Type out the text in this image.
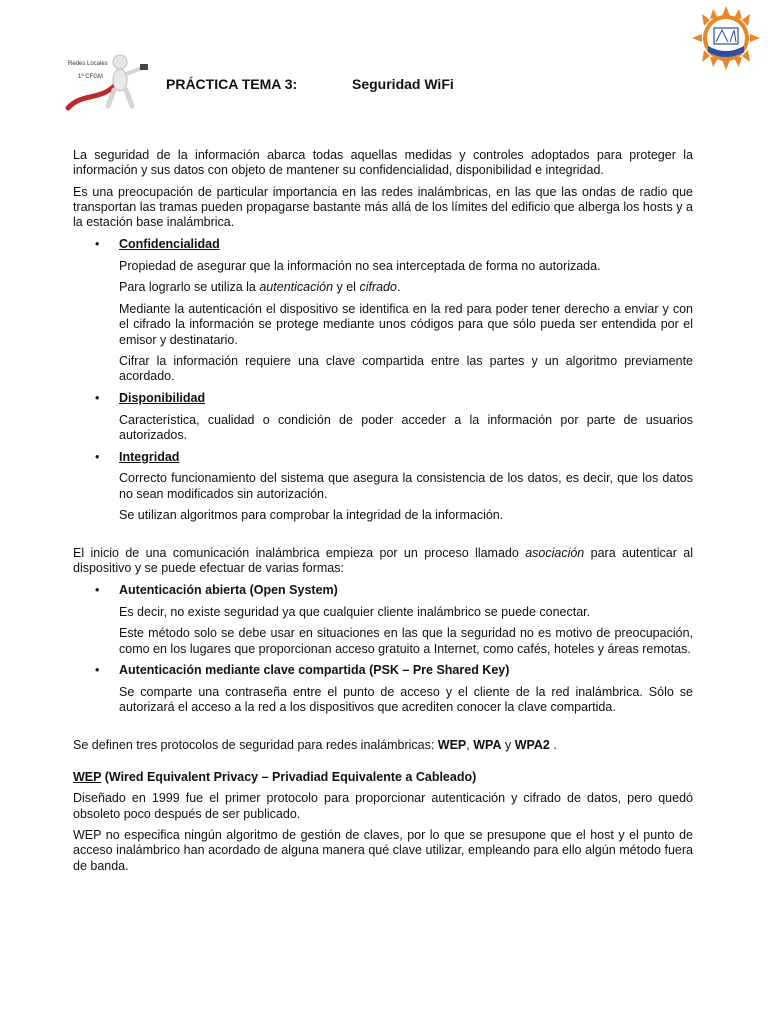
Redes Locales
1º CFGM	PRÁCTICA TEMA 3:	Seguridad WiFi

La seguridad de la información abarca todas aquellas medidas y controles adoptados para proteger la información y sus datos con objeto de mantener su confidencialidad, disponibilidad e integridad.

Es una preocupación de particular importancia en las redes inalámbricas, en las que las ondas de radio que transportan las tramas pueden propagarse bastante más allá de los límites del edificio que alberga los hosts y a la estación base inalámbrica.

• Confidencialidad

Propiedad de asegurar que la información no sea interceptada de forma no autorizada.

Para lograrlo se utiliza la autenticación y el cifrado.

Mediante la autenticación el dispositivo se identifica en la red para poder tener derecho a enviar y con el cifrado la información se protege mediante unos códigos para que sólo pueda ser entendida por el emisor y destinatario.

Cifrar la información requiere una clave compartida entre las partes y un algoritmo previamente acordado.

• Disponibilidad

Característica, cualidad o condición de poder acceder a la información por parte de usuarios autorizados.

• Integridad

Correcto funcionamiento del sistema que asegura la consistencia de los datos, es decir, que los datos no sean modificados sin autorización.

Se utilizan algoritmos para comprobar la integridad de la información.

El inicio de una comunicación inalámbrica empieza por un proceso llamado asociación para autenticar al dispositivo y se puede efectuar de varias formas:

• Autenticación abierta (Open System)

Es decir, no existe seguridad ya que cualquier cliente inalámbrico se puede conectar.

Este método solo se debe usar en situaciones en las que la seguridad no es motivo de preocupación, como en los lugares que proporcionan acceso gratuito a Internet, como cafés, hoteles y áreas remotas.

• Autenticación mediante clave compartida (PSK – Pre Shared Key)

Se comparte una contraseña entre el punto de acceso y el cliente de la red inalámbrica. Sólo se autorizará el acceso a la red a los dispositivos que acrediten conocer la clave compartida.

Se definen tres protocolos de seguridad para redes inalámbricas: WEP, WPA y WPA2 .

WEP (Wired Equivalent Privacy – Privadiad Equivalente a Cableado)

Diseñado en 1999 fue el primer protocolo para proporcionar autenticación y cifrado de datos, pero quedó obsoleto poco después de ser publicado.

WEP no especifica ningún algoritmo de gestión de claves, por lo que se presupone que el host y el punto de acceso inalámbrico han acordado de alguna manera qué clave utilizar, empleando para ello algún método fuera de banda.
